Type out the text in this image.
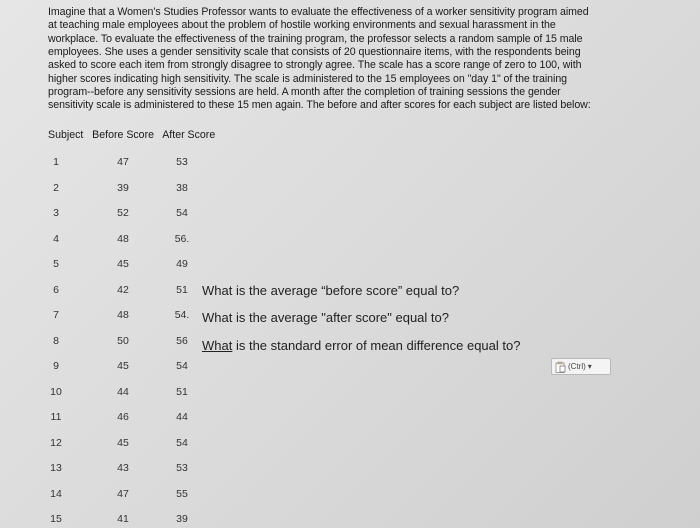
Imagine that a Women's Studies Professor wants to evaluate the effectiveness of a worker sensitivity program aimed
at teaching male employees about the problem of hostile working environments and sexual harassment in the
workplace. To evaluate the effectiveness of the training program, the professor selects a random sample of 15 male
employees. She uses a gender sensitivity scale that consists of 20 questionnaire items, with the respondents being
asked to score each item from strongly disagree to strongly agree. The scale has a score range of zero to 100, with
higher scores indicating high sensitivity. The scale is administered to the 15 employees on "day 1" of the training
program--before any sensitivity sessions are held. A month after the completion of training sessions the gender
sensitivity scale is administered to these 15 men again. The before and after scores for each subject are listed below:
Subject   Before Score   After Score
1	47	53
2	39	38
3	52	54
4	48	56.
5	45	49
6	42	51
7	48	54.
8	50	56
9	45	54
10	44	51
11	46	44
12	45	54
13	43	53
14	47	55
15	41	39
What is the average “before score” equal to?
What is the average "after score" equal to?
What is the standard error of mean difference equal to?
(Ctrl) ▾
